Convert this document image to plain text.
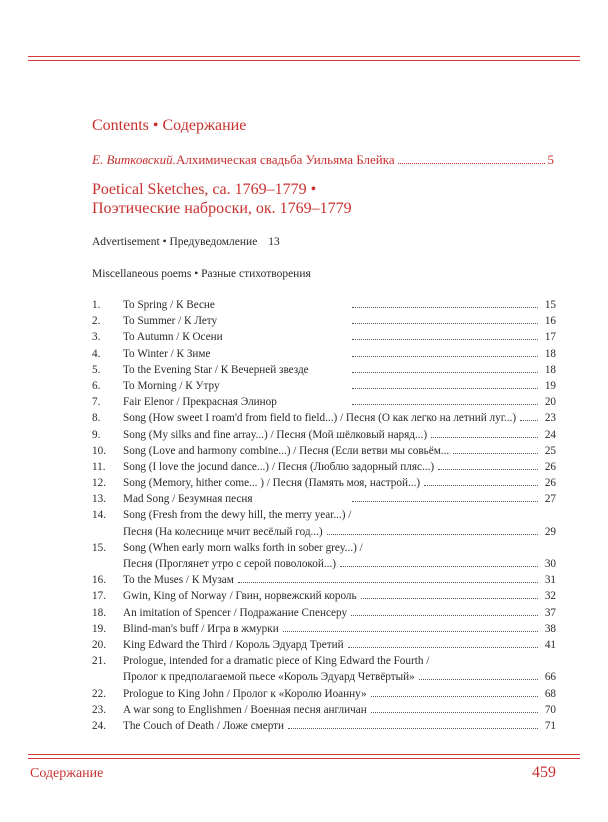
Contents • Содержание
Е. Витковский. Алхимическая свадьба Уильяма Блейка	5
Poetical Sketches, ca. 1769–1779 •
Поэтические наброски, ок. 1769–1779
Advertisement • Предуведомление 13
Miscellaneous poems • Разные стихотворения
1.	To Spring / К Весне	15
2.	To Summer / К Лету	16
3.	To Autumn / К Осени	17
4.	To Winter / К Зиме	18
5.	To the Evening Star / К Вечерней звезде	18
6.	To Morning / К Утру	19
7.	Fair Elenor / Прекрасная Элинор	20
8.	Song (How sweet I roam'd from field to field...) / Песня (О как легко на летний луг...)	23
9.	Song (My silks and fine array...) / Песня (Мой шёлковый наряд...)	24
10.	Song (Love and harmony combine...) / Песня (Если ветви мы совьём...	25
11.	Song (I love the jocund dance...) / Песня (Люблю задорный пляс...)	26
12.	Song (Memory, hither come... ) / Песня (Память моя, настрой...)	26
13.	Mad Song / Безумная песня	27
14.	Song (Fresh from the dewy hill, the merry year...) /
Песня (На колеснице мчит весёлый год...)	29
15.	Song (When early morn walks forth in sober grey...) /
Песня (Проглянет утро с серой поволокой...)	30
16.	To the Muses / К Музам	31
17.	Gwin, King of Norway / Гвин, норвежский король	32
18.	An imitation of Spencer / Подражание Спенсеру	37
19.	Blind-man's buff / Игра в жмурки	38
20.	King Edward the Third / Король Эдуард Третий	41
21.	Prologue, intended for a dramatic piece of King Edward the Fourth /
Пролог к предполагаемой пьесе «Король Эдуард Четвёртый»	66
22.	Prologue to King John / Пролог к «Королю Иоанну»	68
23.	A war song to Englishmen / Военная песня англичан	70
24.	The Couch of Death / Ложе смерти	71
Содержание	459
